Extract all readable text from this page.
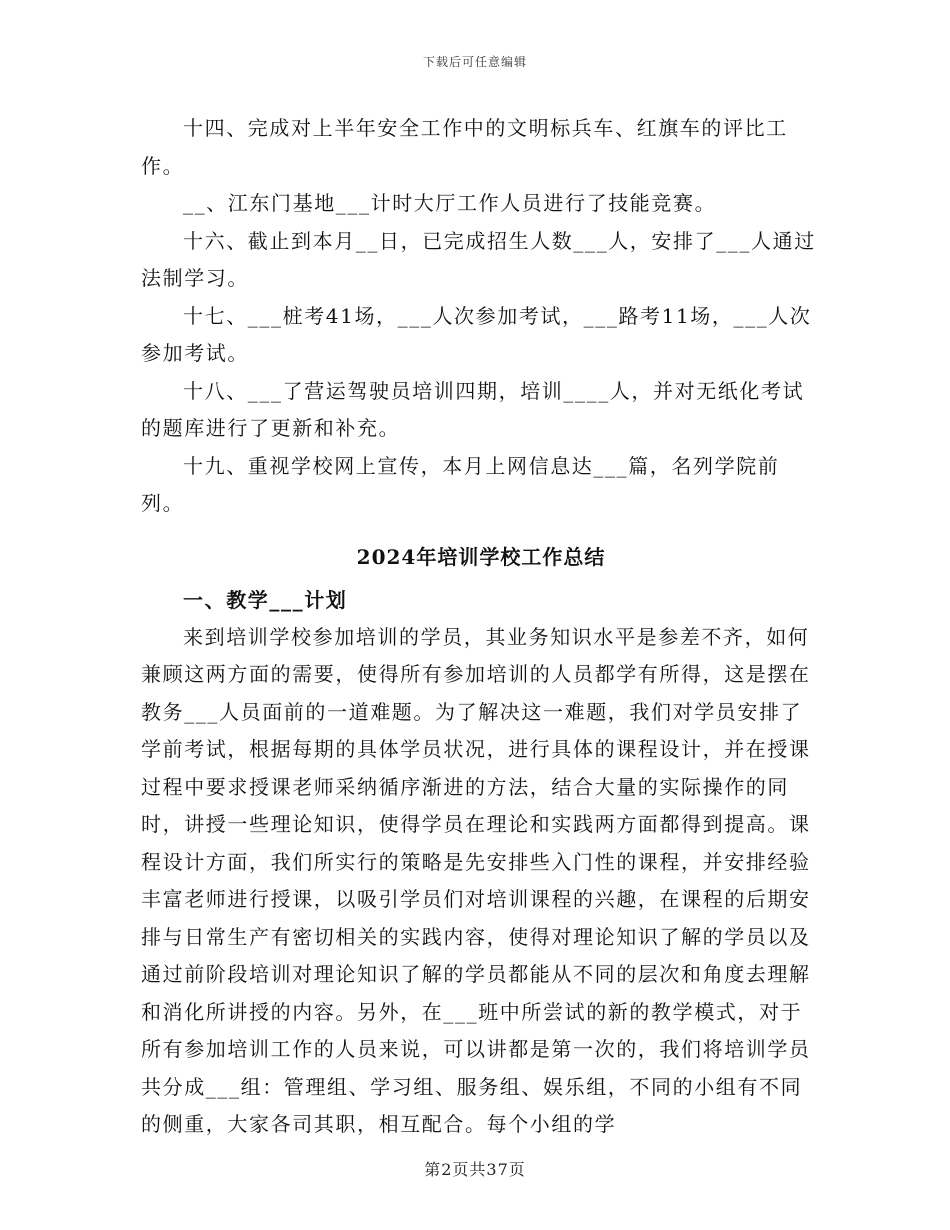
下载后可任意编辑

十四、完成对上半年安全工作中的文明标兵车、红旗车的评比工作。

__、江东门基地___计时大厅工作人员进行了技能竞赛。

十六、截止到本月__日，已完成招生人数___人，安排了___人通过法制学习。

十七、___桩考41场，___人次参加考试，___路考11场，___人次参加考试。

十八、___了营运驾驶员培训四期，培训____人，并对无纸化考试的题库进行了更新和补充。

十九、重视学校网上宣传，本月上网信息达___篇，名列学院前列。

2024年培训学校工作总结

一、教学___计划

来到培训学校参加培训的学员，其业务知识水平是参差不齐，如何兼顾这两方面的需要，使得所有参加培训的人员都学有所得，这是摆在教务___人员面前的一道难题。为了解决这一难题，我们对学员安排了学前考试，根据每期的具体学员状况，进行具体的课程设计，并在授课过程中要求授课老师采纳循序渐进的方法，结合大量的实际操作的同时，讲授一些理论知识，使得学员在理论和实践两方面都得到提高。课程设计方面，我们所实行的策略是先安排些入门性的课程，并安排经验丰富老师进行授课，以吸引学员们对培训课程的兴趣，在课程的后期安排与日常生产有密切相关的实践内容，使得对理论知识了解的学员以及通过前阶段培训对理论知识了解的学员都能从不同的层次和角度去理解和消化所讲授的内容。另外，在___班中所尝试的新的教学模式，对于所有参加培训工作的人员来说，可以讲都是第一次的，我们将培训学员共分成___组：管理组、学习组、服务组、娱乐组，不同的小组有不同的侧重，大家各司其职，相互配合。每个小组的学

第2页共37页
